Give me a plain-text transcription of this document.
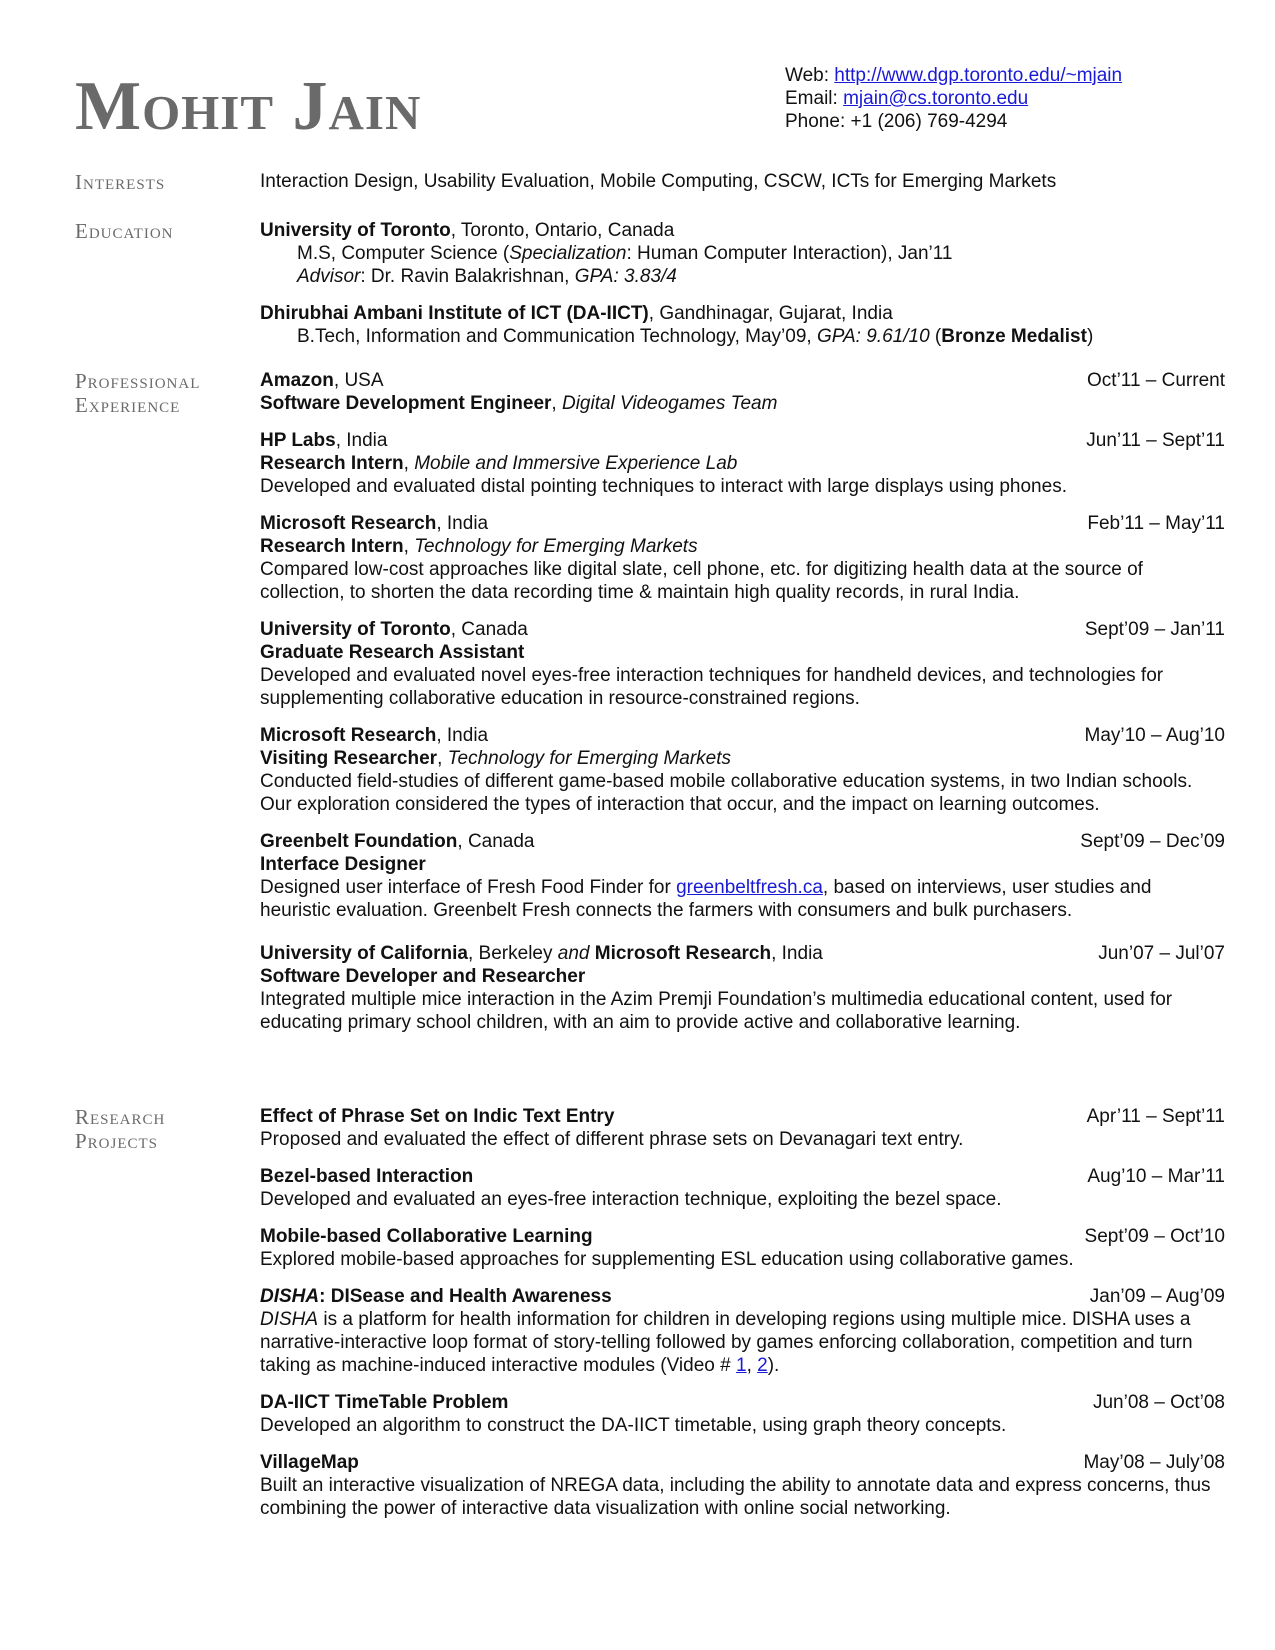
Mohit Jain	Web: http://www.dgp.toronto.edu/~mjain
Email: mjain@cs.toronto.edu
Phone: +1 (206) 769-4294
Interests	Interaction Design, Usability Evaluation, Mobile Computing, CSCW, ICTs for Emerging Markets
Education	University of Toronto, Toronto, Ontario, Canada
M.S, Computer Science (Specialization: Human Computer Interaction), Jan’11
Advisor: Dr. Ravin Balakrishnan, GPA: 3.83/4
Dhirubhai Ambani Institute of ICT (DA-IICT), Gandhinagar, Gujarat, India
B.Tech, Information and Communication Technology, May’09, GPA: 9.61/10 (Bronze Medalist)
Professional
Experience
Amazon, USA	Oct’11 – Current
Software Development Engineer, Digital Videogames Team
HP Labs, India	Jun’11 – Sept’11
Research Intern, Mobile and Immersive Experience Lab
Developed and evaluated distal pointing techniques to interact with large displays using phones.
Microsoft Research, India	Feb’11 – May’11
Research Intern, Technology for Emerging Markets
Compared low-cost approaches like digital slate, cell phone, etc. for digitizing health data at the source of collection, to shorten the data recording time & maintain high quality records, in rural India.
University of Toronto, Canada	Sept’09 – Jan’11
Graduate Research Assistant
Developed and evaluated novel eyes-free interaction techniques for handheld devices, and technologies for supplementing collaborative education in resource-constrained regions.
Microsoft Research, India	May’10 – Aug’10
Visiting Researcher, Technology for Emerging Markets
Conducted field-studies of different game-based mobile collaborative education systems, in two Indian schools. Our exploration considered the types of interaction that occur, and the impact on learning outcomes.
Greenbelt Foundation, Canada	Sept’09 – Dec’09
Interface Designer
Designed user interface of Fresh Food Finder for greenbeltfresh.ca, based on interviews, user studies and heuristic evaluation. Greenbelt Fresh connects the farmers with consumers and bulk purchasers.
University of California, Berkeley and Microsoft Research, India	Jun’07 – Jul’07
Software Developer and Researcher
Integrated multiple mice interaction in the Azim Premji Foundation’s multimedia educational content, used for educating primary school children, with an aim to provide active and collaborative learning.
Research
Projects
Effect of Phrase Set on Indic Text Entry	Apr’11 – Sept’11
Proposed and evaluated the effect of different phrase sets on Devanagari text entry.
Bezel-based Interaction	Aug’10 – Mar’11
Developed and evaluated an eyes-free interaction technique, exploiting the bezel space.
Mobile-based Collaborative Learning	Sept’09 – Oct’10
Explored mobile-based approaches for supplementing ESL education using collaborative games.
DISHA: DISease and Health Awareness	Jan’09 – Aug’09
DISHA is a platform for health information for children in developing regions using multiple mice. DISHA uses a narrative-interactive loop format of story-telling followed by games enforcing collaboration, competition and turn taking as machine-induced interactive modules (Video # 1, 2).
DA-IICT TimeTable Problem	Jun’08 – Oct’08
Developed an algorithm to construct the DA-IICT timetable, using graph theory concepts.
VillageMap	May’08 – July’08
Built an interactive visualization of NREGA data, including the ability to annotate data and express concerns, thus combining the power of interactive data visualization with online social networking.
